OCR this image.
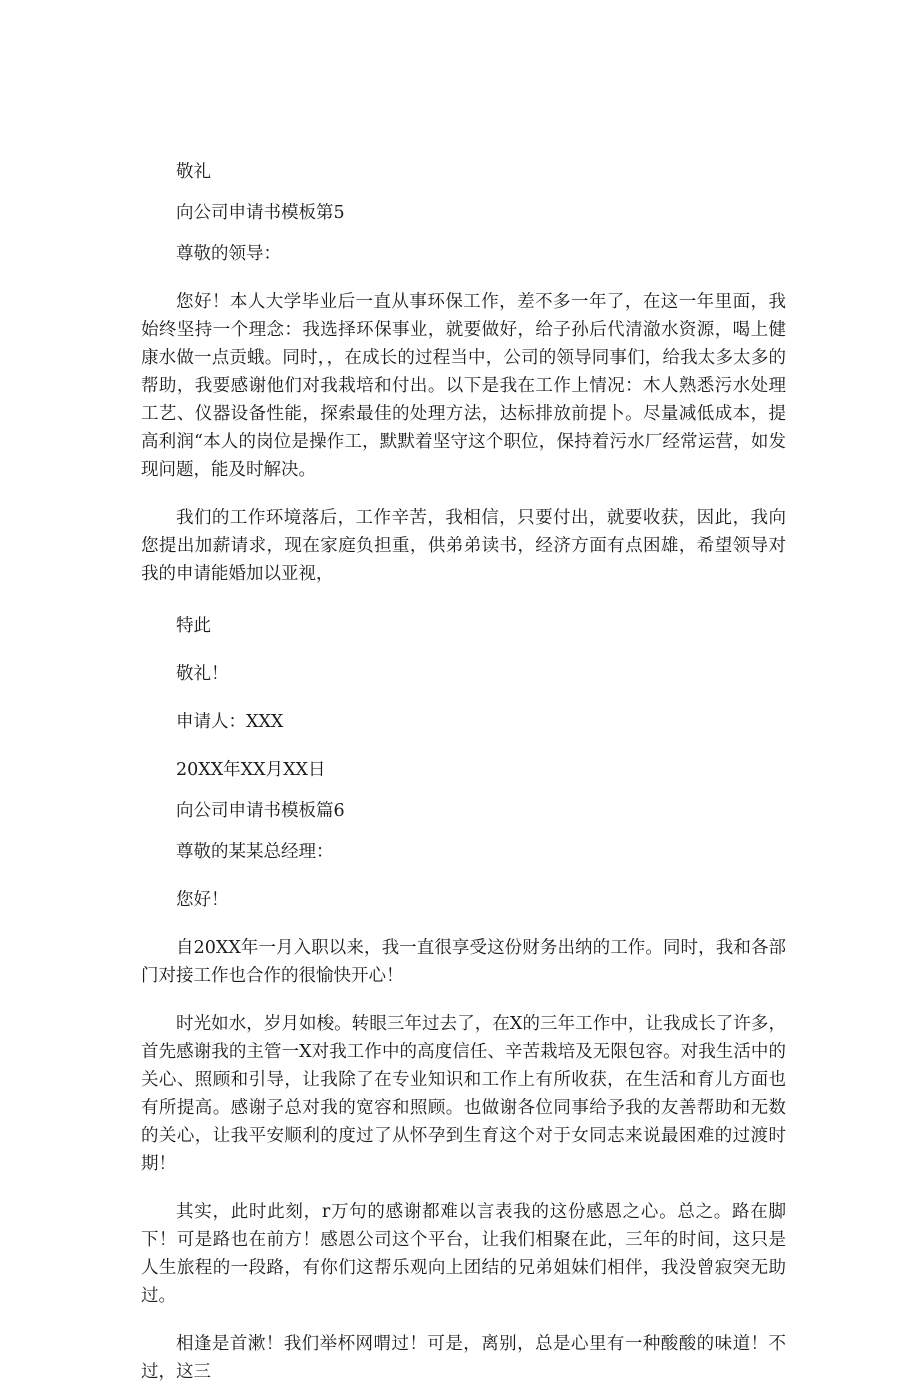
敬礼

向公司申请书模板第5

尊敬的领导：

您好！本人大学毕业后一直从事环保工作，差不多一年了，在这一年里面，我始终坚持一个理念：我选择环保事业，就要做好，给子孙后代清澈水资源，喝上健康水做一点贡蛾。同时，，在成长的过程当中，公司的领导同事们，给我太多太多的帮助，我要感谢他们对我栽培和付出。以下是我在工作上情况：木人熟悉污水处理工艺、仪器设备性能，探索最佳的处理方法，达标排放前提卜。尽量减低成本，提高利润“本人的岗位是操作工，默默着坚守这个职位，保持着污水厂经常运营，如发现问题，能及时解决。

我们的工作环境落后，工作辛苦，我相信，只要付出，就要收获，因此，我向您提出加薪请求，现在家庭负担重，供弟弟读书，经济方面有点困雄，希望领导对我的申请能婚加以亚视，

特此

敬礼！

申请人：XXX

20XX年XX月XX日

向公司申请书模板篇6

尊敬的某某总经理：

您好！

自20XX年一月入职以来，我一直很享受这份财务出纳的工作。同时，我和各部门对接工作也合作的很愉快开心！

时光如水，岁月如梭。转眼三年过去了，在X的三年工作中，让我成长了许多，首先感谢我的主管一X对我工作中的高度信任、辛苦栽培及无限包容。对我生活中的关心、照顾和引导，让我除了在专业知识和工作上有所收获，在生活和育儿方面也有所提高。感谢子总对我的宽容和照顾。也做谢各位同事给予我的友善帮助和无数的关心，让我平安顺利的度过了从怀孕到生育这个对于女同志来说最困难的过渡时期！

其实，此时此刻，r万句的感谢都难以言表我的这份感恩之心。总之。路在脚下！可是路也在前方！感恩公司这个平台，让我们相聚在此，三年的时间，这只是人生旅程的一段路，有你们这帮乐观向上团结的兄弟姐妹们相伴，我没曾寂突无助过。

相逢是首漱！我们举杯网喟过！可是，离别，总是心里有一种酸酸的味道！不过，这三
